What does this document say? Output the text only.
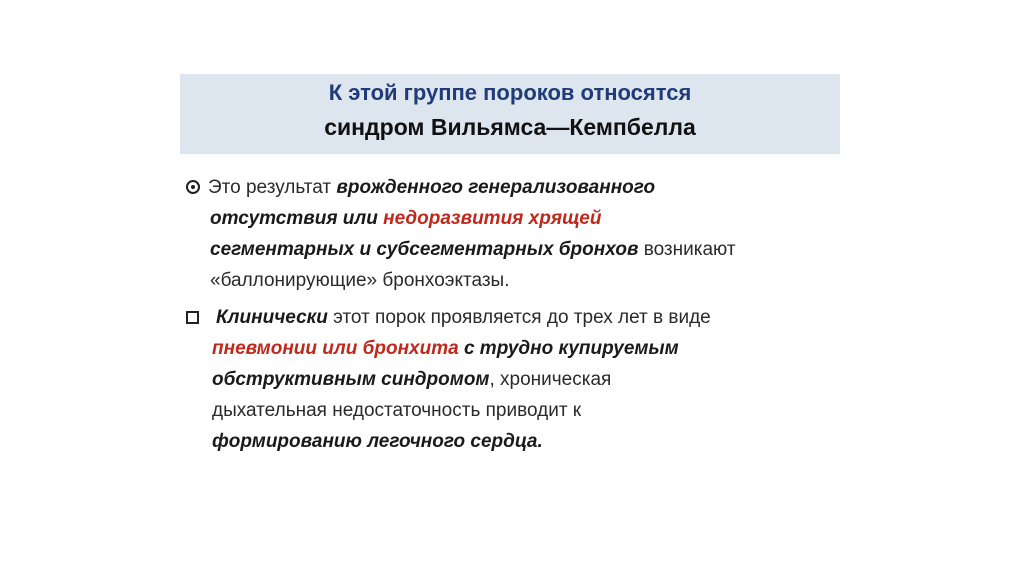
К этой группе пороков относятся
синдром Вильямса—Кемпбелла
Это результат врожденного генерализованного
отсутствия или недоразвития хрящей
сегментарных и субсегментарных бронхов возникают
«баллонирующие» бронхоэктазы.
Клинически этот порок проявляется до трех лет в виде
пневмонии или бронхита с трудно купируемым
обструктивным синдромом, хроническая
дыхательная недостаточность приводит к
формированию легочного сердца.
